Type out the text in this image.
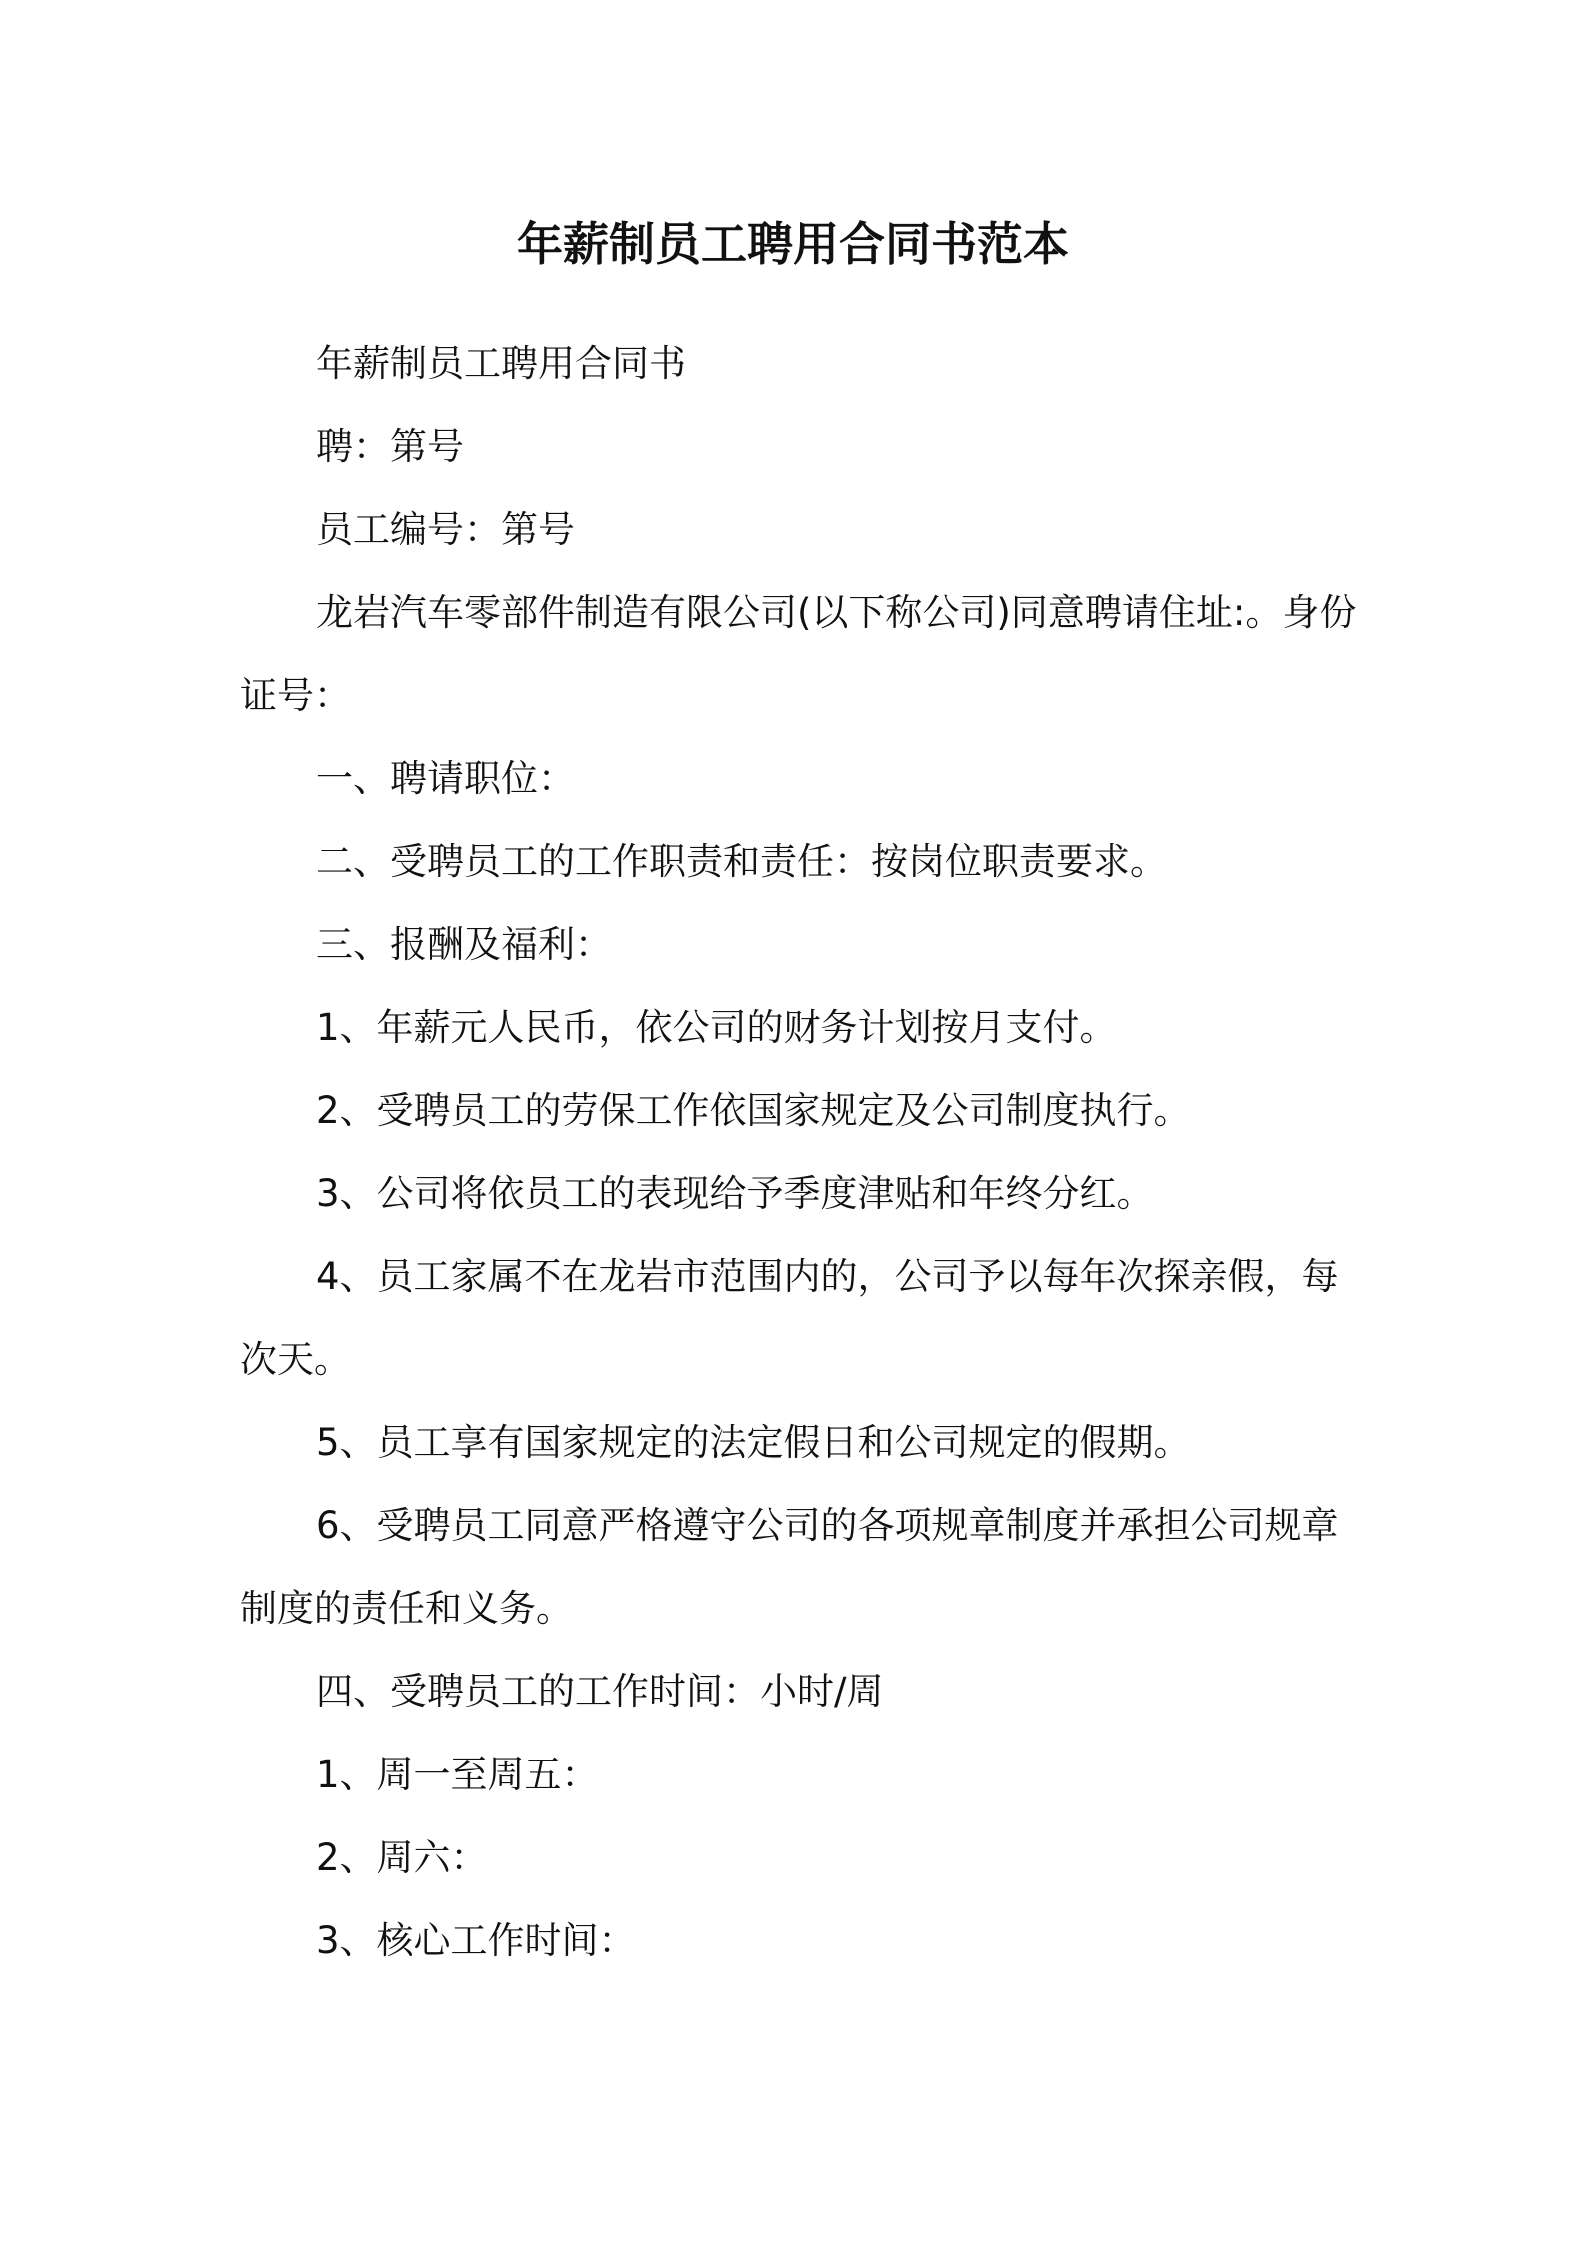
年薪制员工聘用合同书范本

年薪制员工聘用合同书

聘：第号

员工编号：第号

龙岩汽车零部件制造有限公司(以下称公司)同意聘请住址:。身份证号：

一、聘请职位：

二、受聘员工的工作职责和责任：按岗位职责要求。

三、报酬及福利：

1、年薪元人民币，依公司的财务计划按月支付。

2、受聘员工的劳保工作依国家规定及公司制度执行。

3、公司将依员工的表现给予季度津贴和年终分红。

4、员工家属不在龙岩市范围内的，公司予以每年次探亲假，每次天。

5、员工享有国家规定的法定假日和公司规定的假期。

6、受聘员工同意严格遵守公司的各项规章制度并承担公司规章制度的责任和义务。

四、受聘员工的工作时间：小时/周

1、周一至周五：

2、周六：

3、核心工作时间：
